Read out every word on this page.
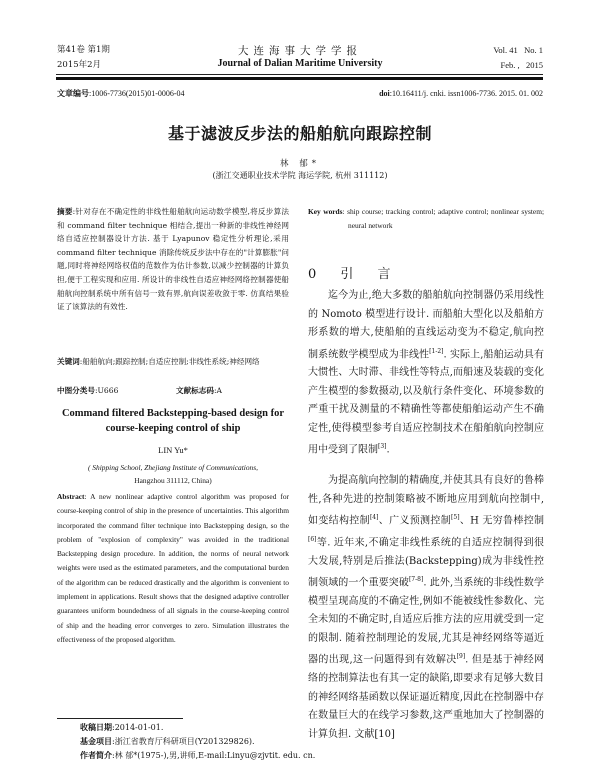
第41卷 第1期
2015年2月
大连海事大学学报
Journal of Dalian Maritime University
Vol. 41   No. 1
Feb. ,   2015
文章编号:1006-7736(2015)01-0006-04	doi:10.16411/j. cnki. issn1006-7736. 2015. 01. 002
基于滤波反步法的船舶航向跟踪控制
林 郁*
(浙江交通职业技术学院 海运学院, 杭州 311112)
摘要:针对存在不确定性的非线性船舶航向运动数学模型,将反步算法和 command filter technique 相结合,提出一种新的非线性神经网络自适应控制器设计方法. 基于 Lyapunov 稳定性分析理论,采用 command filter technique 消除传统反步法中存在的"计算膨胀"问题,同时将神经网络权值的范数作为估计参数,以减少控制器的计算负担,便于工程实现和应用. 所设计的非线性自适应神经网络控制器使船舶航向控制系统中所有信号一致有界,航向误差收敛于零. 仿真结果验证了该算法的有效性.
关键词:船舶航向;跟踪控制;自适应控制;非线性系统;神经网络
中图分类号:U666	文献标志码:A
Command filtered Backstepping-based design for course-keeping control of ship
LIN Yu*
( Shipping School, Zhejiang Institute of Communications,
Hangzhou 311112, China)
Abstract: A new nonlinear adaptive control algorithm was proposed for course-keeping control of ship in the presence of uncertainties. This algorithm incorporated the command filter technique into Backstepping design, so the problem of "explosion of complexity" was avoided in the traditional Backstepping design procedure. In addition, the norms of neural network weights were used as the estimated parameters, and the computational burden of the algorithm can be reduced drastically and the algorithm is convenient to implement in applications. Result shows that the designed adaptive controller guarantees uniform boundedness of all signals in the course-keeping control of ship and the heading error converges to zero. Simulation illustrates the effectiveness of the proposed algorithm.
Key words: ship course; tracking control; adaptive control; nonlinear system; neural network
0 引 言
迄今为止,绝大多数的船舶航向控制器仍采用线性的 Nomoto 模型进行设计. 而船舶大型化以及船舶方形系数的增大,使船舶的直线运动变为不稳定,航向控制系统数学模型成为非线性[1-2]. 实际上,船舶运动具有大惯性、大时滞、非线性等特点,而船速及装载的变化产生模型的参数摄动,以及航行条件变化、环境参数的严重干扰及测量的不精确性等都使船舶运动产生不确定性,使得模型参考自适应控制技术在船舶航向控制应用中受到了限制[3].
为提高航向控制的精确度,并使其具有良好的鲁棒性,各种先进的控制策略被不断地应用到航向控制中,如变结构控制[4]、广义预测控制[5]、H 无穷鲁棒控制[6]等. 近年来,不确定非线性系统的自适应控制得到很大发展,特别是后推法(Backstepping)成为非线性控制领域的一个重要突破[7-8]. 此外,当系统的非线性数学模型呈现高度的不确定性,例如不能被线性参数化、完全未知的不确定时,自适应后推方法的应用就受到一定的限制. 随着控制理论的发展,尤其是神经网络等逼近器的出现,这一问题得到有效解决[9]. 但是基于神经网络的控制算法也有其一定的缺陷,即要求有足够大数目的神经网络基函数以保证逼近精度,因此在控制器中存在数量巨大的在线学习参数,这严重地加大了控制器的计算负担. 文献[10]
收稿日期:2014-01-01.
基金项目:浙江省教育厅科研项目(Y201329826).
作者简介:林 郁*(1975-),男,讲师,E-mail:Linyu@zjvtit. edu. cn.
